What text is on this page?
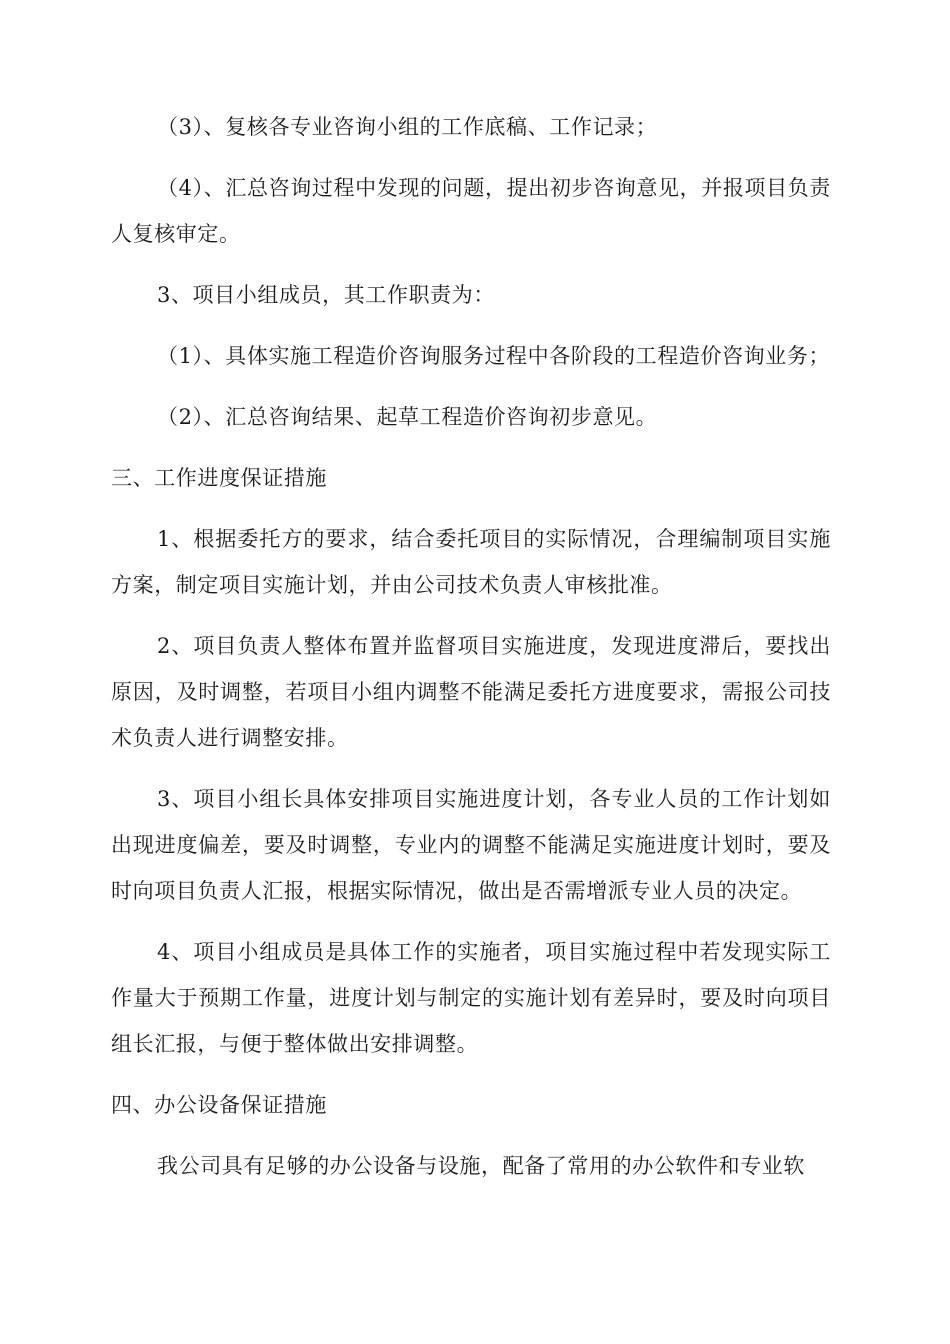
（3）、复核各专业咨询小组的工作底稿、工作记录；

（4）、汇总咨询过程中发现的问题，提出初步咨询意见，并报项目负责人复核审定。

3、项目小组成员，其工作职责为：

（1）、具体实施工程造价咨询服务过程中各阶段的工程造价咨询业务；

（2）、汇总咨询结果、起草工程造价咨询初步意见。

三、工作进度保证措施

1、根据委托方的要求，结合委托项目的实际情况，合理编制项目实施方案，制定项目实施计划，并由公司技术负责人审核批准。

2、项目负责人整体布置并监督项目实施进度，发现进度滞后，要找出原因，及时调整，若项目小组内调整不能满足委托方进度要求，需报公司技术负责人进行调整安排。

3、项目小组长具体安排项目实施进度计划，各专业人员的工作计划如出现进度偏差，要及时调整，专业内的调整不能满足实施进度计划时，要及时向项目负责人汇报，根据实际情况，做出是否需增派专业人员的决定。

4、项目小组成员是具体工作的实施者，项目实施过程中若发现实际工作量大于预期工作量，进度计划与制定的实施计划有差异时，要及时向项目组长汇报，与便于整体做出安排调整。

四、办公设备保证措施

我公司具有足够的办公设备与设施，配备了常用的办公软件和专业软
